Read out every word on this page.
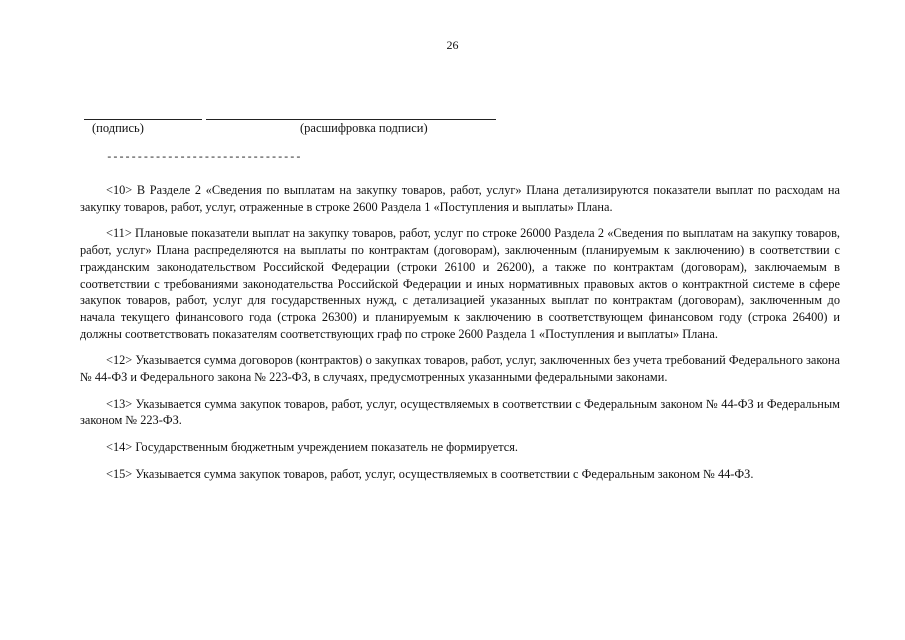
26
(подпись)	(расшифровка подписи)
--------------------------------

<10> В Разделе 2 «Сведения по выплатам на закупку товаров, работ, услуг» Плана детализируются показатели выплат по расходам на закупку товаров, работ, услуг, отраженные в строке 2600 Раздела 1 «Поступления и выплаты» Плана.

<11> Плановые показатели выплат на закупку товаров, работ, услуг по строке 26000 Раздела 2 «Сведения по выплатам на закупку товаров, работ, услуг» Плана распределяются на выплаты по контрактам (договорам), заключенным (планируемым к заключению) в соответствии с гражданским законодательством Российской Федерации (строки 26100 и 26200), а также по контрактам (договорам), заключаемым в соответствии с требованиями законодательства Российской Федерации и иных нормативных правовых актов о контрактной системе в сфере закупок товаров, работ, услуг для государственных нужд, с детализацией указанных выплат по контрактам (договорам), заключенным до начала текущего финансового года (строка 26300) и планируемым к заключению в соответствующем финансовом году (строка 26400) и должны соответствовать показателям соответствующих граф по строке 2600 Раздела 1 «Поступления и выплаты» Плана.

<12> Указывается сумма договоров (контрактов) о закупках товаров, работ, услуг, заключенных без учета требований Федерального закона № 44-ФЗ и Федерального закона № 223-ФЗ, в случаях, предусмотренных указанными федеральными законами.

<13> Указывается сумма закупок товаров, работ, услуг, осуществляемых в соответствии с Федеральным законом № 44-ФЗ и Федеральным законом № 223-ФЗ.

<14> Государственным бюджетным учреждением показатель не формируется.

<15> Указывается сумма закупок товаров, работ, услуг, осуществляемых в соответствии с Федеральным законом № 44-ФЗ.
